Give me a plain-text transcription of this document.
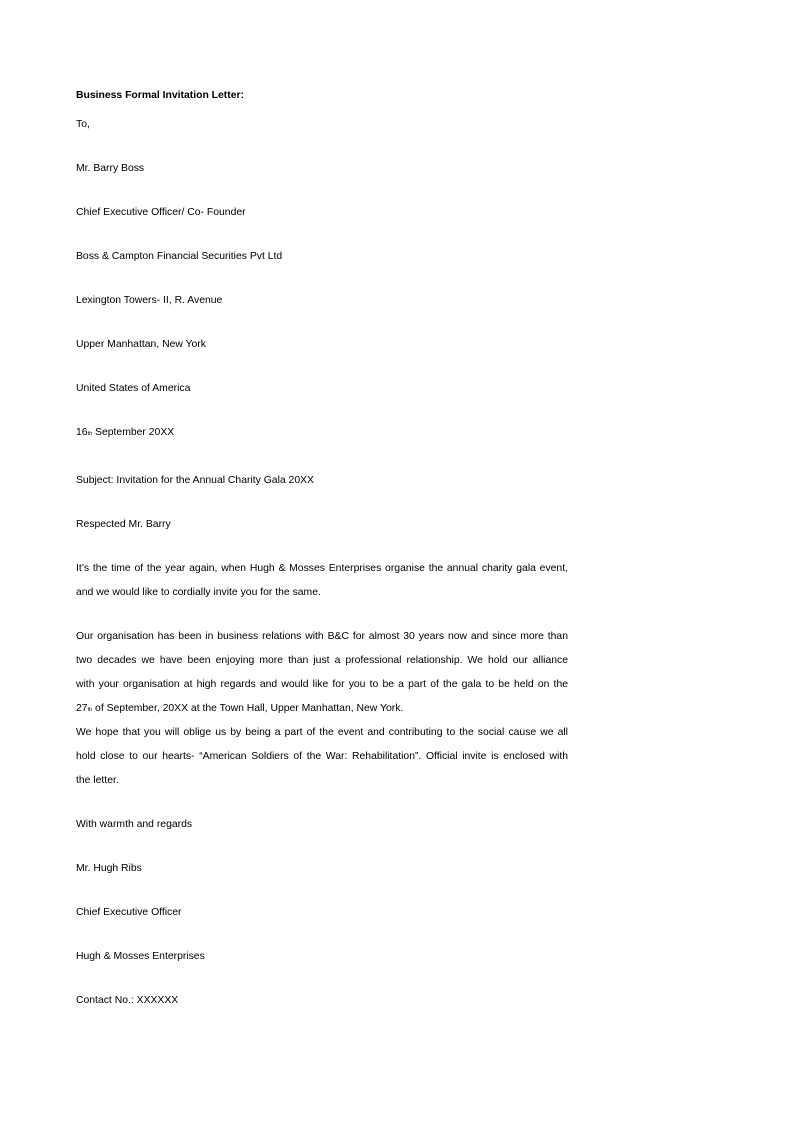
Business Formal Invitation Letter:
To,
Mr. Barry Boss
Chief Executive Officer/ Co- Founder
Boss & Campton Financial Securities Pvt Ltd
Lexington Towers- II, R. Avenue
Upper Manhattan, New York
United States of America
16th September 20XX
Subject: Invitation for the Annual Charity Gala 20XX
Respected Mr. Barry
It’s the time of the year again, when Hugh & Mosses Enterprises organise the annual charity gala event,
and we would like to cordially invite you for the same.
Our organisation has been in business relations with B&C for almost 30 years now and since more than
two decades we have been enjoying more than just a professional relationship. We hold our alliance
with your organisation at high regards and would like for you to be a part of the gala to be held on the
27th of September, 20XX at the Town Hall, Upper Manhattan, New York.
We hope that you will oblige us by being a part of the event and contributing to the social cause we all
hold close to our hearts- “American Soldiers of the War: Rehabilitation”. Official invite is enclosed with
the letter.
With warmth and regards
Mr. Hugh Ribs
Chief Executive Officer
Hugh & Mosses Enterprises
Contact No.: XXXXXX
